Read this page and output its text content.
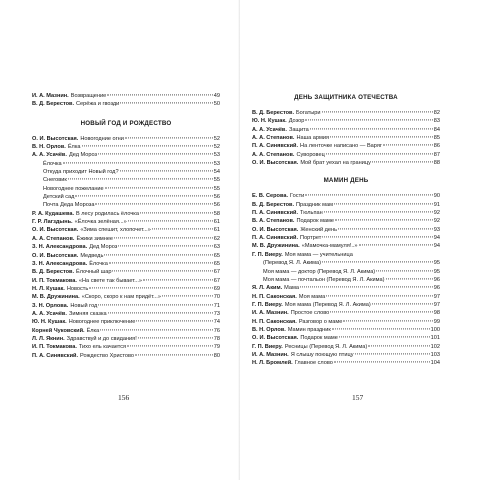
И. А. Мазнин. Возвращение	49
В. Д. Берестов. Серёжа и гвозди	50
НОВЫЙ ГОД И РОЖДЕСТВО
О. И. Высотская. Новогодние огни	52
В. Н. Орлов. Ёлка	52
А. А. Усачёв. Дед Мороз	53
Ёлочка	53
Откуда приходит Новый год?	54
Снеговик	55
Новогоднее пожелание	55
Детский сад	56
Почта Деда Мороза	56
Р. А. Кудашева. В лесу родилась ёлочка	58
Г. Р. Лагздынь. «Ёлочка зелёная...»	61
О. И. Высотская. «Зима спешит, хлопочет...»	61
А. А. Степанов. Ёжики зимнее	62
З. Н. Александрова. Дед Мороз	63
О. И. Высотская. Медведь	65
З. Н. Александрова. Ёлочка	65
В. Д. Берестов. Ёлочный шар	67
И. П. Токмакова. «На свете так бывает...»	67
Н. Л. Кушак. Новость	69
М. В. Дружинина. «Скоро, скоро к нам придёт...»	70
З. Н. Орлова. Новый год	71
А. А. Усачёв. Зимняя сказка	73
Ю. Н. Кушак. Новогоднее приключение	74
Корней Чуковский. Ёлка	76
Л. Л. Якнин. Здравствуй и до свидания!	78
И. П. Токмакова. Тихо ель качается	79
П. А. Синявский. Рождество Христово	80
156
ДЕНЬ ЗАЩИТНИКА ОТЕЧЕСТВА
В. Д. Берестов. Богатыри	82
Ю. Н. Кушак. Дозор	83
А. А. Усачёв. Защита	84
А. А. Степанов. Наша армия	85
П. А. Синявский. На ленточке написано — Варяг	86
А. А. Степанов. Суворовец	87
О. И. Высотская. Мой брат уехал на границу	88
МАМИН ДЕНЬ
Е. В. Серова. Гости	90
В. Д. Берестов. Праздник мам	91
П. А. Синявский. Тюльпан	92
В. А. Степанов. Подарок маме	92
О. И. Высотская. Женский день	93
П. А. Синявский. Портрет	94
М. В. Дружинина. «Мамочка-мамуля!..»	94
Г. П. Виеру. Моя мама — учительница
(Перевод Я. Л. Акима)	95
Моя мама — доктор (Перевод Я. Л. Акима)	95
Моя мама — почтальон (Перевод Я. Л. Акима)	96
Я. Л. Аким. Мама	96
Н. П. Саконская. Моя мама	97
Г. П. Виеру. Моя мама (Перевод Я. Л. Акима)	97
И. А. Мазнин. Простое слово	98
Н. П. Саконская. Разговор о маме	99
В. Н. Орлов. Мамин праздник	100
О. И. Высотская. Подарок маме	101
Г. П. Виеру. Ресницы (Перевод Я. Л. Акима)	102
И. А. Мазнин. Я слышу поющую птицу	103
Н. Л. Бромлей. Главное слово	104
157
